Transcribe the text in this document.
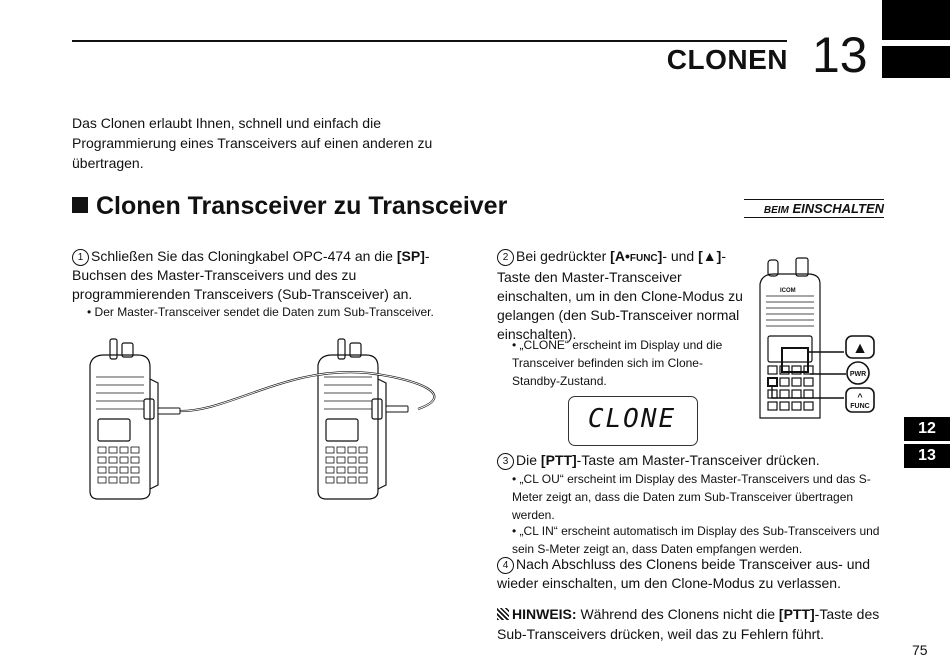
CLONEN 13
Das Clonen erlaubt Ihnen, schnell und einfach die Programmierung eines Transceivers auf einen anderen zu übertragen.
Clonen Transceiver zu Transceiver	BEIM EINSCHALTEN
1 Schließen Sie das Cloningkabel OPC-474 an die [SP]-Buchsen des Master-Transceivers und des zu programmierenden Transceivers (Sub-Transceiver) an.
• Der Master-Transceiver sendet die Daten zum Sub-Transceiver.
2 Bei gedrückter [A•FUNC]- und [▲]-Taste den Master-Transceiver einschalten, um in den Clone-Modus zu gelangen (den Sub-Transceiver normal einschalten).
• „CLONE“ erscheint im Display und die Transceiver befinden sich im Clone-Standby-Zustand.
ICOM
▲
PWR
^
FUNC
CLONE
3 Die [PTT]-Taste am Master-Transceiver drücken.
• „CL OU“ erscheint im Display des Master-Transceivers und das S-Meter zeigt an, dass die Daten zum Sub-Transceiver übertragen werden.
• „CL IN“ erscheint automatisch im Display des Sub-Transceivers und sein S-Meter zeigt an, dass Daten empfangen werden.
4 Nach Abschluss des Clonens beide Transceiver aus- und wieder einschalten, um den Clone-Modus zu verlassen.
HINWEIS: Während des Clonens nicht die [PTT]-Taste des Sub-Transceivers drücken, weil das zu Fehlern führt.
12
13
75
